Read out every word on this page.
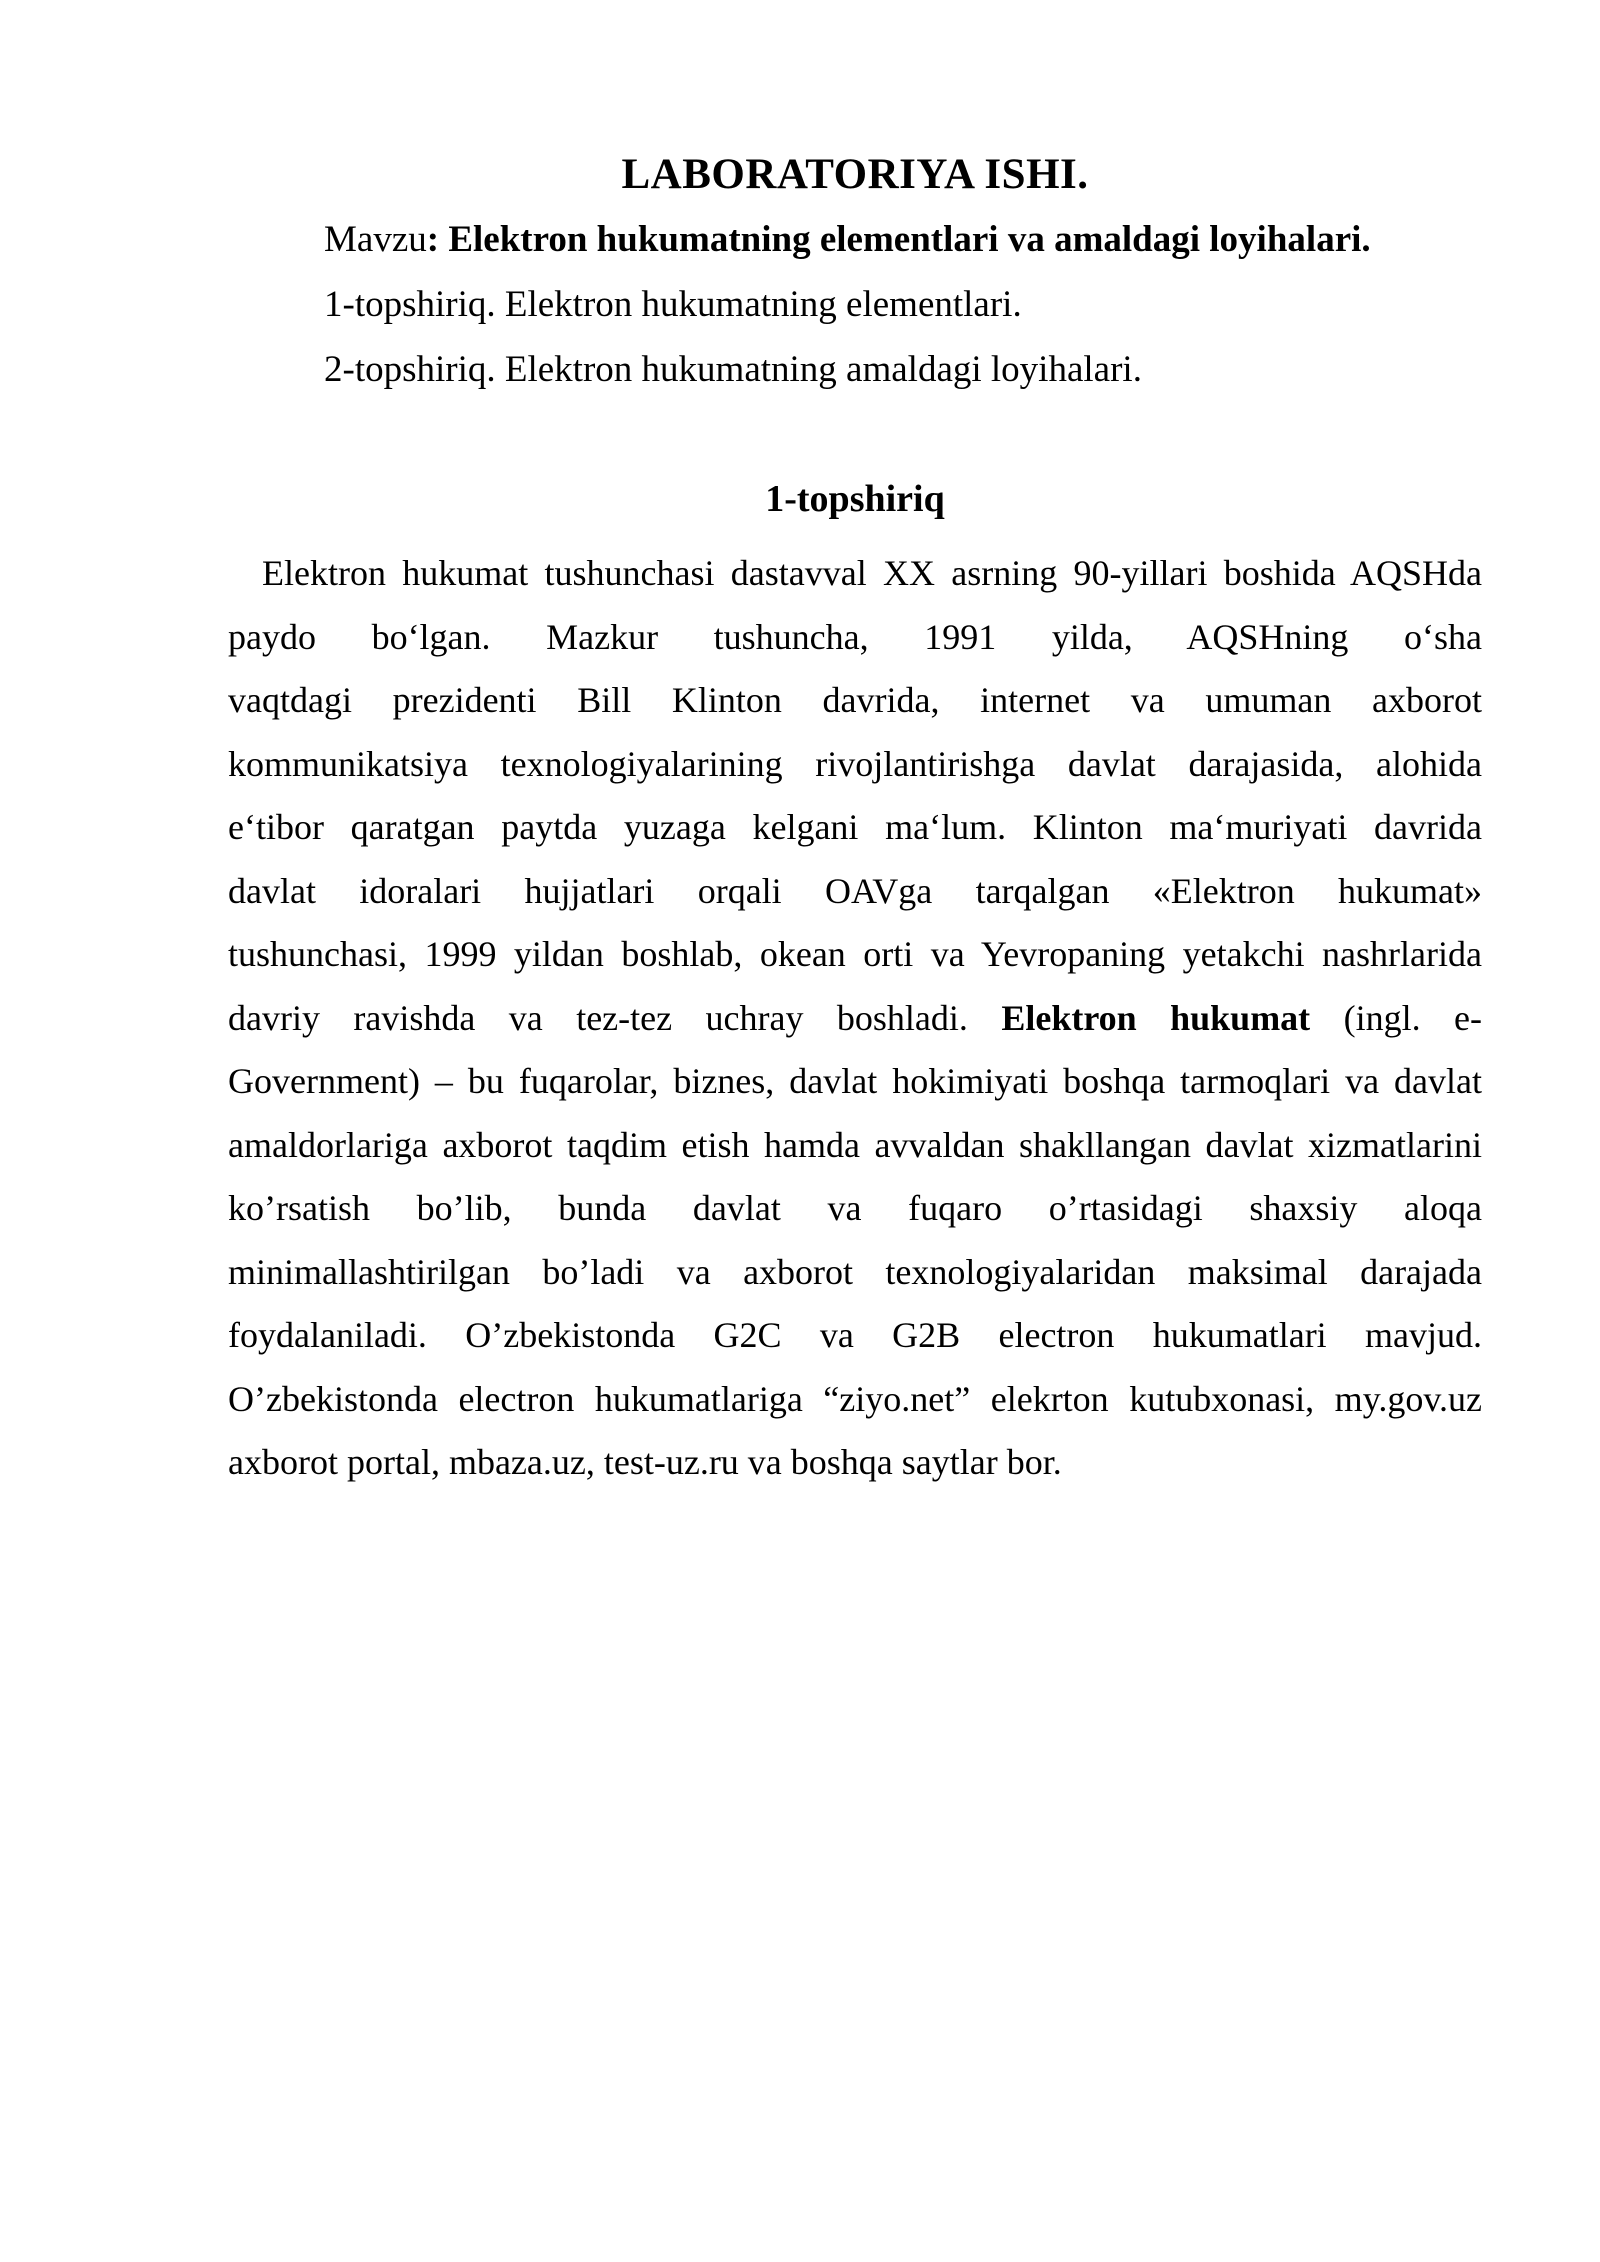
LABORATORIYA ISHI.
Mavzu: Elektron hukumatning elementlari va amaldagi loyihalari.
1-topshiriq. Elektron hukumatning elementlari.
2-topshiriq. Elektron hukumatning amaldagi loyihalari.
1-topshiriq
Elektron hukumat tushunchasi dastavval XX asrning 90-yillari boshida AQSHda
paydo bo‘lgan. Mazkur tushuncha, 1991 yilda, AQSHning o‘sha
vaqtdagi prezidenti Bill Klinton davrida, internet va umuman axborot
kommunikatsiya texnologiyalarining rivojlantirishga davlat darajasida, alohida
e‘tibor qaratgan paytda yuzaga kelgani ma‘lum. Klinton ma‘muriyati davrida
davlat idoralari hujjatlari orqali OAVga tarqalgan «Elektron hukumat»
tushunchasi, 1999 yildan boshlab, okean orti va Yevropaning yetakchi nashrlarida
davriy ravishda va tez-tez uchray boshladi. Elektron hukumat (ingl. e-
Government) – bu fuqarolar, biznes, davlat hokimiyati boshqa tarmoqlari va davlat
amaldorlariga axborot taqdim etish hamda avvaldan shakllangan davlat xizmatlarini
ko’rsatish bo’lib, bunda davlat va fuqaro o’rtasidagi shaxsiy aloqa
minimallashtirilgan bo’ladi va axborot texnologiyalaridan maksimal darajada
foydalaniladi. O’zbekistonda G2C va G2B electron hukumatlari mavjud.
O’zbekistonda electron hukumatlariga “ziyo.net” elekrton kutubxonasi, my.gov.uz
axborot portal, mbaza.uz, test-uz.ru va boshqa saytlar bor.
